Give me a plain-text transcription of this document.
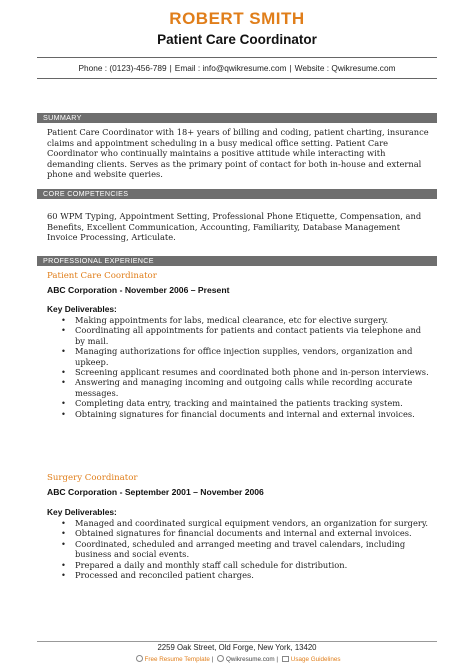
ROBERT SMITH
Patient Care Coordinator
Phone : (0123)-456-789 | Email : info@qwikresume.com | Website : Qwikresume.com
SUMMARY
Patient Care Coordinator with 18+ years of billing and coding, patient charting, insurance claims and appointment scheduling in a busy medical office setting. Patient Care Coordinator who continually maintains a positive attitude while interacting with demanding clients. Serves as the primary point of contact for both in-house and external phone and website queries.
CORE COMPETENCIES
60 WPM Typing, Appointment Setting, Professional Phone Etiquette, Compensation, and Benefits, Excellent Communication, Accounting, Familiarity, Database Management Invoice Processing, Articulate.
PROFESSIONAL EXPERIENCE
Patient Care Coordinator
ABC Corporation - November 2006 – Present
Key Deliverables:
• Making appointments for labs, medical clearance, etc for elective surgery.
• Coordinating all appointments for patients and contact patients via telephone and by mail.
• Managing authorizations for office injection supplies, vendors, organization and upkeep.
• Screening applicant resumes and coordinated both phone and in-person interviews.
• Answering and managing incoming and outgoing calls while recording accurate messages.
• Completing data entry, tracking and maintained the patients tracking system.
• Obtaining signatures for financial documents and internal and external invoices.
Surgery Coordinator
ABC Corporation - September 2001 – November 2006
Key Deliverables:
• Managed and coordinated surgical equipment vendors, an organization for surgery.
• Obtained signatures for financial documents and internal and external invoices.
• Coordinated, scheduled and arranged meeting and travel calendars, including business and social events.
• Prepared a daily and monthly staff call schedule for distribution.
• Processed and reconciled patient charges.
2259 Oak Street, Old Forge, New York, 13420
Free Resume Template | Qwikresume.com | Usage Guidelines
